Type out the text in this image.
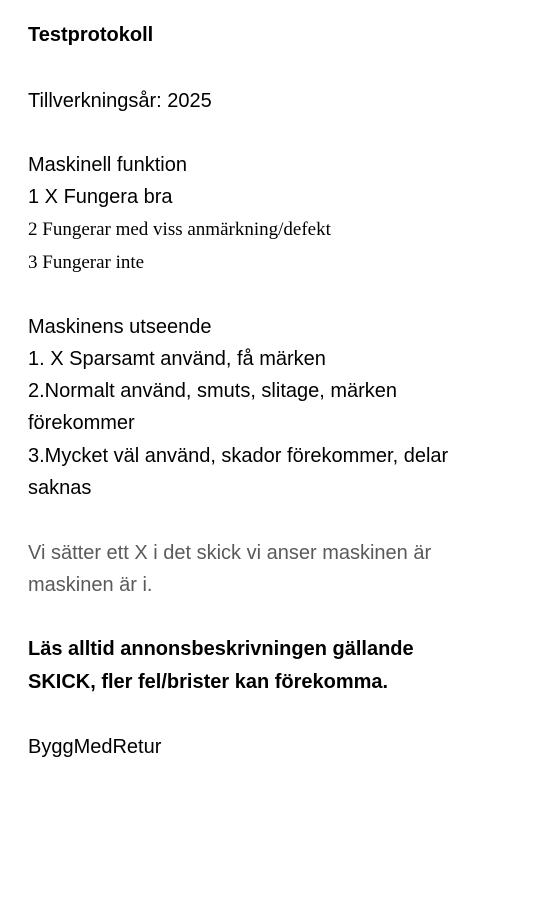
Testprotokoll
Tillverkningsår: 2025
Maskinell funktion
1 X Fungera bra
2 Fungerar med viss anmärkning/defekt
3 Fungerar inte
Maskinens utseende
1. X Sparsamt använd, få märken
2.Normalt använd, smuts, slitage, märken
förekommer
3.Mycket väl använd, skador förekommer, delar
saknas
Vi sätter ett X i det skick vi anser maskinen är
maskinen är i.
Läs alltid annonsbeskrivningen gällande
SKICK, fler fel/brister kan förekomma.
ByggMedRetur
